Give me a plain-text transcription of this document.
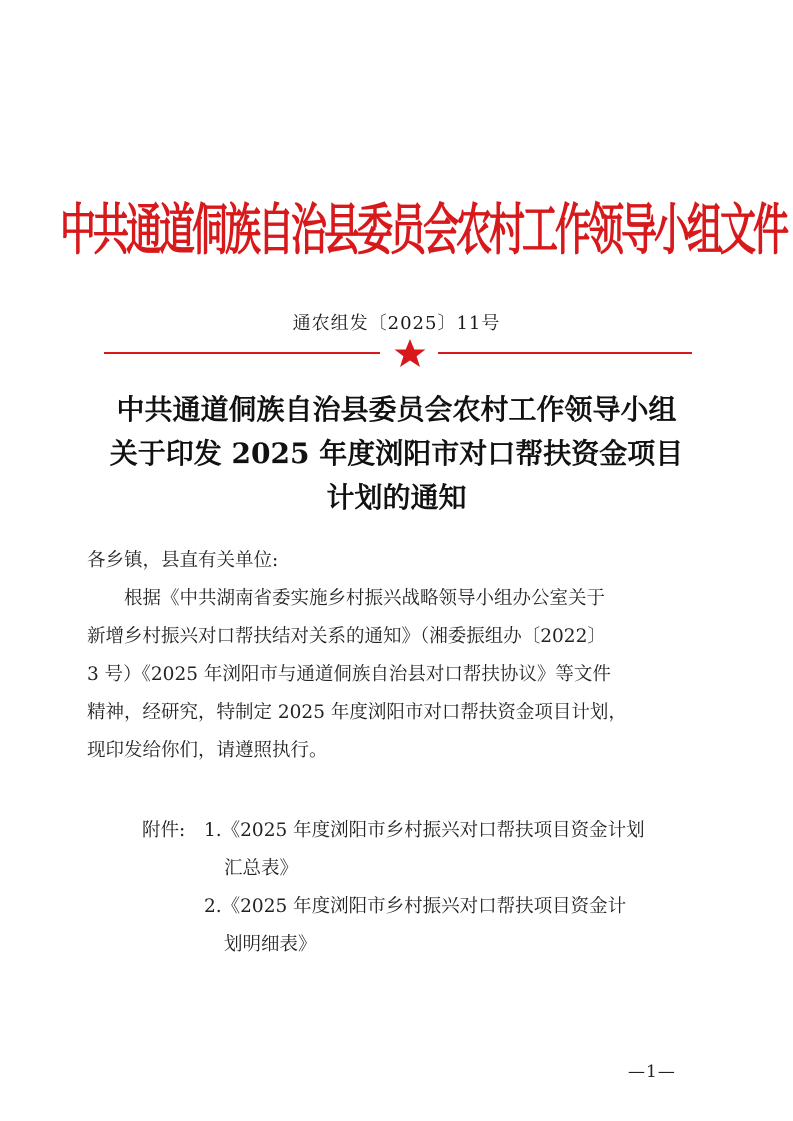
中共通道侗族自治县委员会农村工作领导小组文件
通农组发〔2025〕11号
中共通道侗族自治县委员会农村工作领导小组
关于印发 2025 年度浏阳市对口帮扶资金项目
计划的通知
各乡镇，县直有关单位:
根据《中共湖南省委实施乡村振兴战略领导小组办公室关于
新增乡村振兴对口帮扶结对关系的通知》（湘委振组办〔2022〕
3 号）《2025 年浏阳市与通道侗族自治县对口帮扶协议》等文件
精神，经研究，特制定 2025 年度浏阳市对口帮扶资金项目计划，
现印发给你们，请遵照执行。
附件: 1.《2025 年度浏阳市乡村振兴对口帮扶项目资金计划
汇总表》
2.《2025 年度浏阳市乡村振兴对口帮扶项目资金计
划明细表》
—1—
